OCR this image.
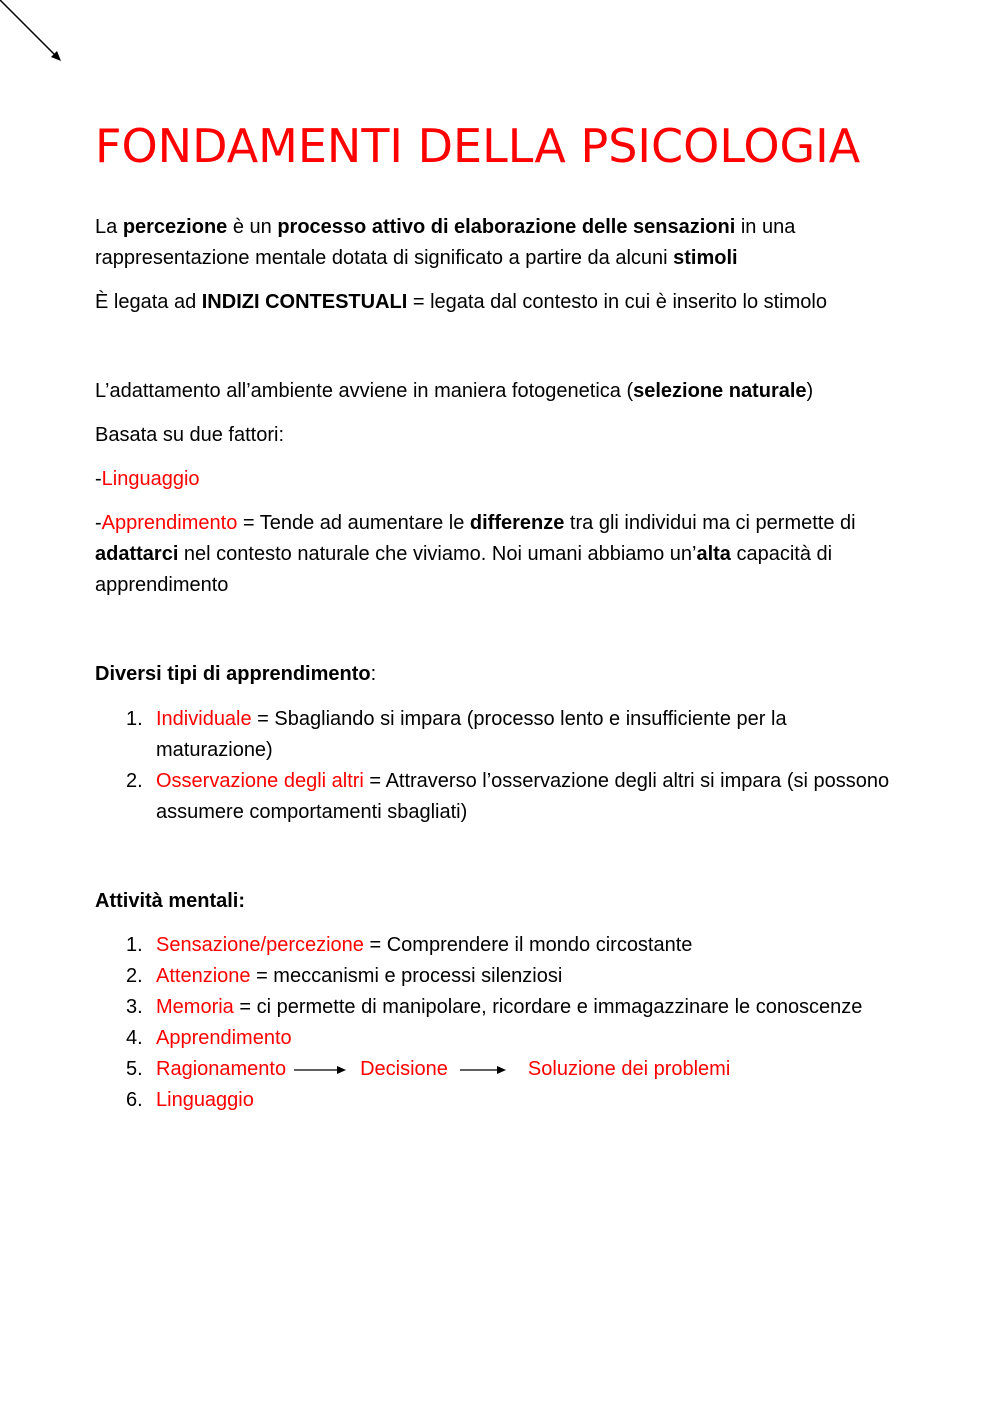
FONDAMENTI DELLA PSICOLOGIA

La percezione è un processo attivo di elaborazione delle sensazioni in una rappresentazione mentale dotata di significato a partire da alcuni stimoli

È legata ad INDIZI CONTESTUALI = legata dal contesto in cui è inserito lo stimolo

L’adattamento all’ambiente avviene in maniera fotogenetica (selezione naturale)

Basata su due fattori:

-Linguaggio

-Apprendimento = Tende ad aumentare le differenze tra gli individui ma ci permette di adattarci nel contesto naturale che viviamo. Noi umani abbiamo un’alta capacità di apprendimento

Diversi tipi di apprendimento:

1. Individuale = Sbagliando si impara (processo lento e insufficiente per la maturazione)
2. Osservazione degli altri = Attraverso l’osservazione degli altri si impara (si possono assumere comportamenti sbagliati)

Attività mentali:

1. Sensazione/percezione = Comprendere il mondo circostante
2. Attenzione = meccanismi e processi silenziosi
3. Memoria = ci permette di manipolare, ricordare e immagazzinare le conoscenze
4. Apprendimento
5. Ragionamento	Decisione	Soluzione dei problemi
6. Linguaggio
